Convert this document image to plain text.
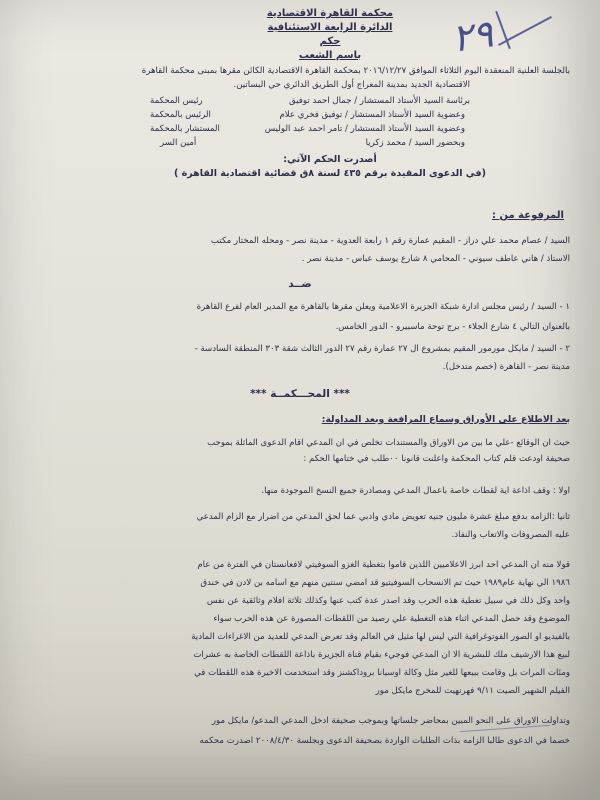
٢٩
محكمة القاهرة الاقتصادية
الدائرة الرابعة الاستئنافية
حكم
باسم الشعب
بالجلسة العلنية المنعقدة اليوم الثلاثاء الموافق ٢٠١٦/١٢/٢٧ بمحكمة القاهرة الاقتصادية الكائن مقرها بمبنى محكمة القاهرة
الاقتصادية الجديد بمدينة المعراج أول الطريق الدائري حي البساتين.
برئاسة السيد الأستاذ المستشار / جمال احمد توفيق
رئيس المحكمة
وعضوية السيد الأستاذ المستشار / توفيق فخري علام
الرئيس بالمحكمة
وعضوية السيد الأستاذ المستشار / تامر احمد عبد الوليس
المستشار بالمحكمة
وبحضور السيد / محمد زكريا
أمين السر
أصدرت الحكم الآتي:
(في الدعوى المقيدة برقم ٤٣٥ لسنة ٨ق قضائية اقتصادية القاهرة )
المرفوعة من :
السيد / عصام محمد علي دراز - المقيم عمارة رقم ١ رابعة العدوية - مدينة نصر - ومحله المختار مكتب
الاستاذ / هاني عاطف سيوني - المحامي ٨ شارع يوسف عباس - مدينة نصر .
ضــد
١ - السيد / رئيس مجلس ادارة شبكة الجزيرة الاعلامية ويعلن مقرها بالقاهرة مع المدير العام لفرع القاهرة
بالعنوان التالي ٤ شارع الجلاء - برج توحة ماسبيرو - الدور الخامس.
٢ - السيد / مايكل مورمور المقيم بمشروع ال ٢٧ عمارة رقم ٢٧ الدور الثالث شقة ٣٠٣ المنطقة السادسة -
مدينة نصر - القاهرة (خصم متدخل).
*** المحـــكمــة ***
بعد الاطلاع على الأوراق وسماع المرافعة وبعد المداولة:
حيث ان الوقائع -علي ما بين من الاوراق والمستندات تخلص في ان المدعي اقام الدعوى الماثلة بموجب
صحيفة اودعت قلم كتاب المحكمة واعلنت قانونا ٠٠طلب في ختامها الحكم :
اولا : وقف اذاعة اية لقطات خاصة باعمال المدعي ومصادرة جميع النسخ الموجودة منها.
ثانيا :الزامه بدفع مبلغ عشرة مليون جنيه تعويض مادي وادبي عما لحق المدعي من اضرار مع الزام المدعي
عليه المصروفات والاتعاب والنفاذ.
قولا منه ان المدعي احد ابرز الاعلاميين اللذين قاموا بتغطية الغزو السوفيتي لافغانستان في الفترة من عام
١٩٨٦ الي نهاية عام١٩٨٩ حيث تم الانسحاب السوفيتيو قد امضي سنتين منهم مع اسامه بن لادن في خندق
واحد وكل ذلك في سبيل تغطية هذه الحرب وقد اصدر عدة كتب عنها وكذلك ثلاثة افلام وثائقية عن نفس
الموضوع وقد حصل المدعي اثناء هذه التغطية علي رصيد من اللقطات المصورة عن هذه الحرب سواء
بالفيديو او الصور الفوتوغرافية التي ليس لها مثيل في العالم وقد تعرض المدعي للعديد من الاغراءات المادية
لبيع هذا الارشيف ملك للبشرية الا ان المدعي فوجيء بقيام قناة الجزيرة باذاعة اللقطات الخاصة به عشرات
ومئات المرات بل وقامت ببيعها للغير مثل وكالة اوسيانا بروداكشنز وقد استخدمت الاخيرة هذه اللقطات في
الفيلم الشهير الصيت ٩/١١ فهرنهيت للمخرج مايكل مور
وتداولت الاوراق على النحو المبين بمحاضر جلساتها وبموجب صحيفة ادخل المدعي المدعو/ مايكل مور
خصما في الدعوى طالبا الزامه بذات الطلبات الواردة بصحيفة الدعوى وبجلسة ٢٠٠٨/٤/٣٠ اصدرت محكمه
